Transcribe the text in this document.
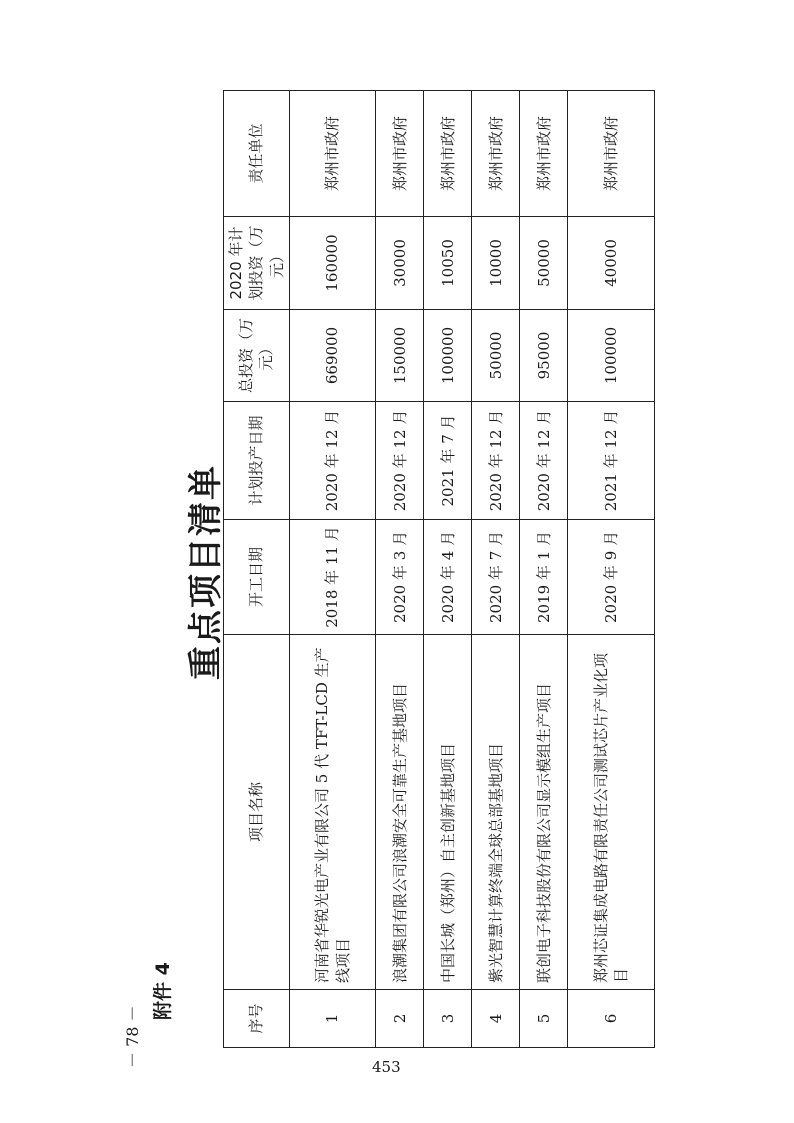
重点项目清单
附件 4
－ 78 －	453
序号	项目名称	开工日期	计划投产日期	总投资（万元）	2020 年计划投资（万元）	责任单位
1	河南省华锐光电产业有限公司 5 代 TFT-LCD 生产线项目	2018 年 11 月	2020 年 12 月	669000	160000	郑州市政府
2	浪潮集团有限公司浪潮安全可靠生产基地项目	2020 年 3 月	2020 年 12 月	150000	30000	郑州市政府
3	中国长城（郑州）自主创新基地项目	2020 年 4 月	2021 年 7 月	100000	10050	郑州市政府
4	紫光智慧计算终端全球总部基地项目	2020 年 7 月	2020 年 12 月	50000	10000	郑州市政府
5	联创电子科技股份有限公司显示模组生产项目	2019 年 1 月	2020 年 12 月	95000	50000	郑州市政府
6	郑州芯证集成电路有限责任公司测试芯片产业化项目	2020 年 9 月	2021 年 12 月	100000	40000	郑州市政府
